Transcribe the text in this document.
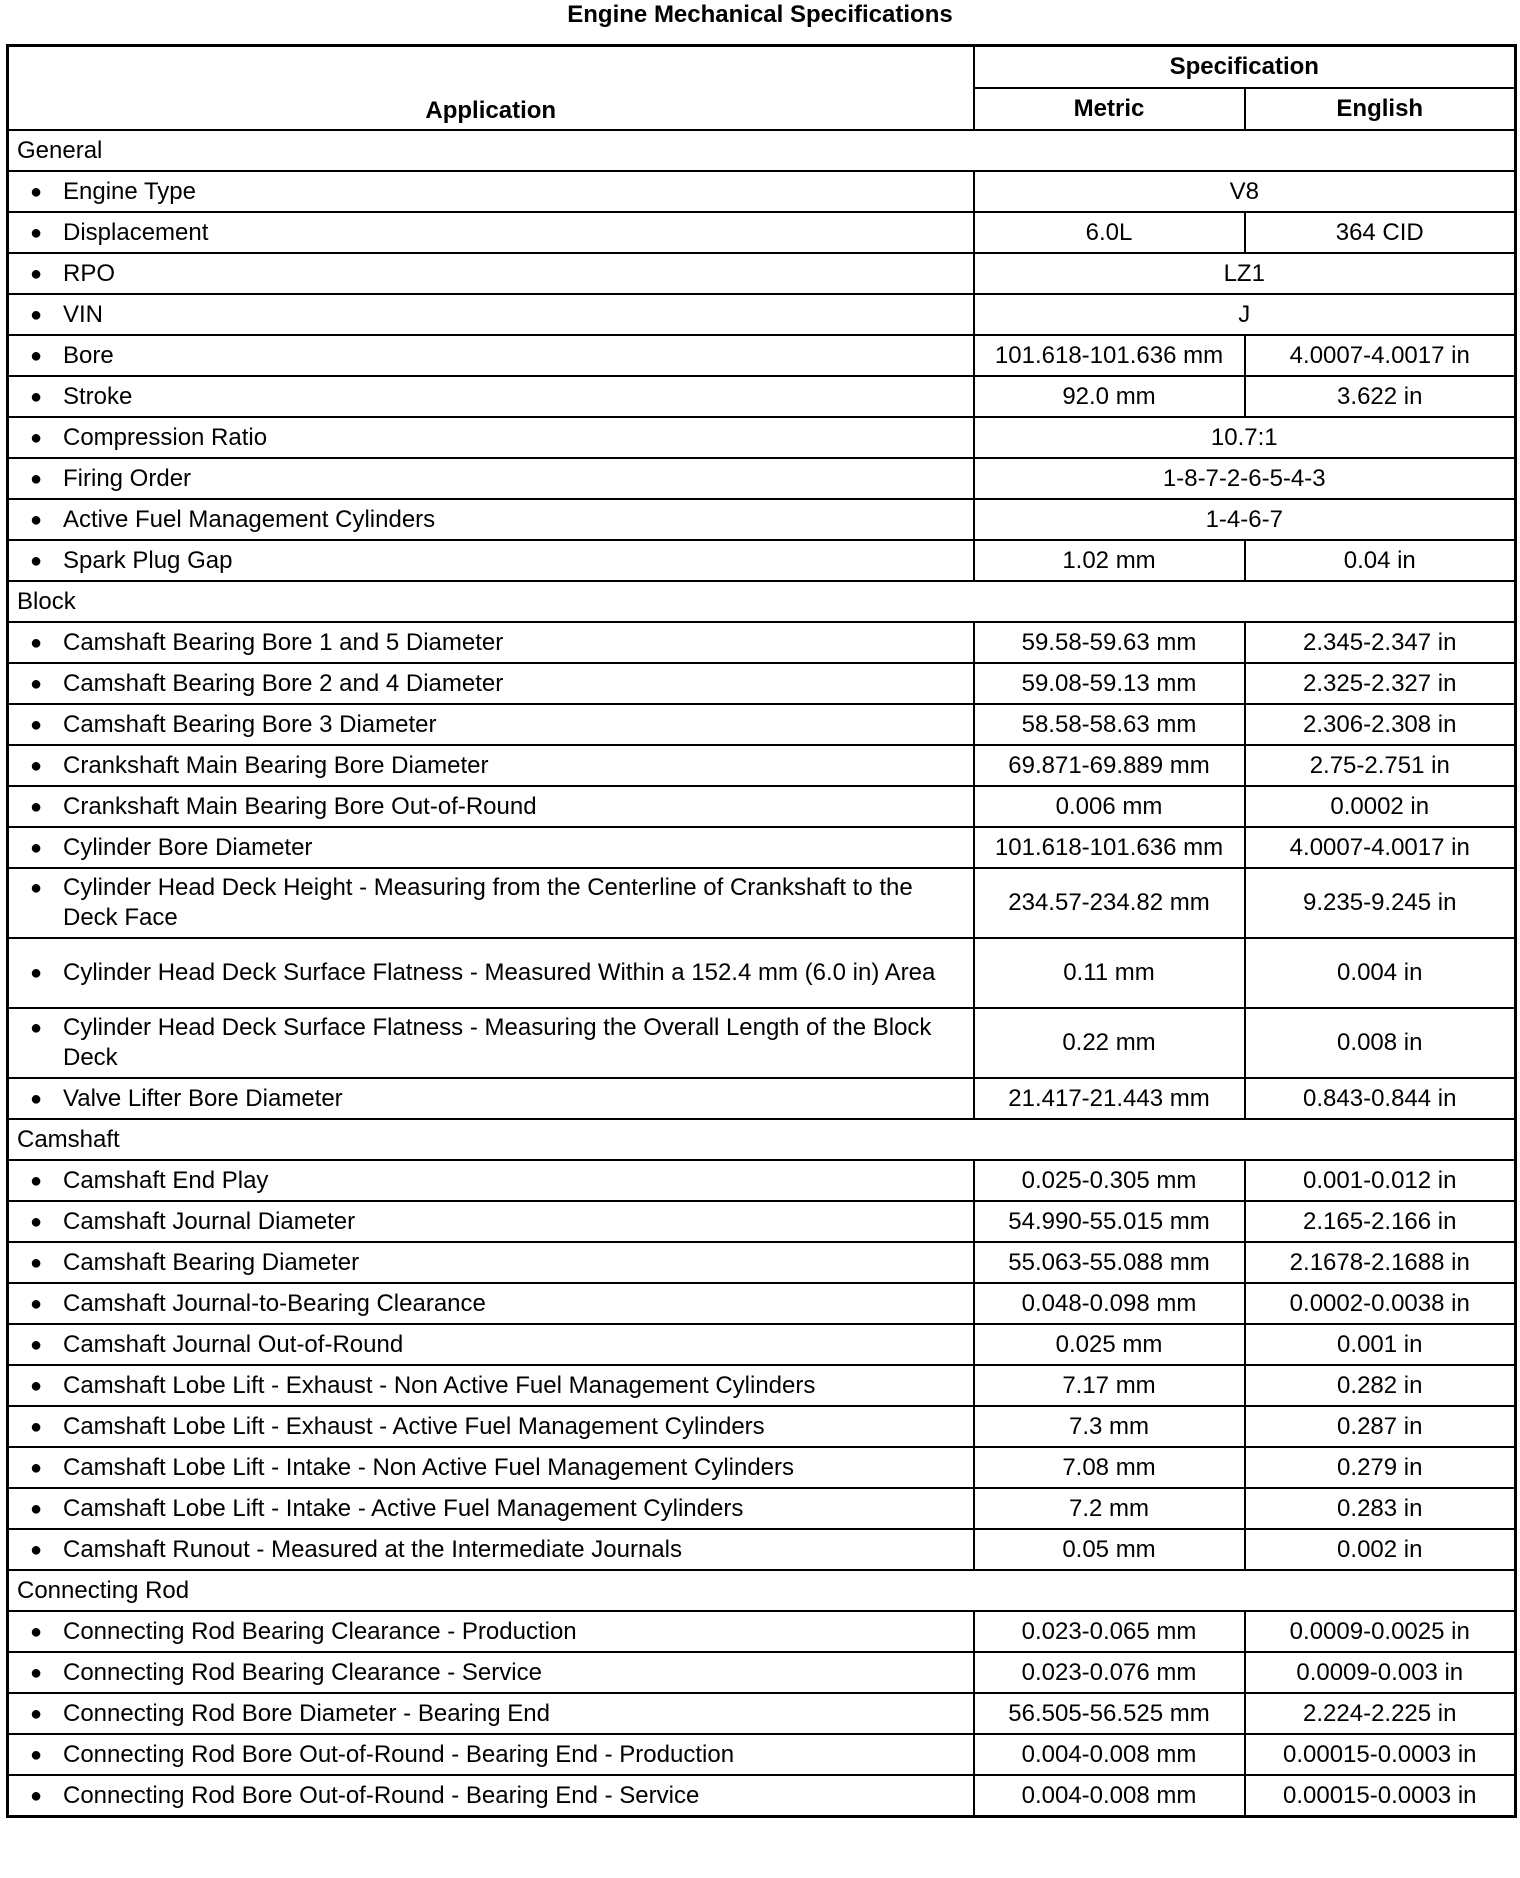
Engine Mechanical Specifications
Application	Specification	
	Metric	English
General		

● Engine Type	V8	

● Displacement	6.0L	364 CID

● RPO	LZ1	

● VIN	J	

● Bore	101.618-101.636 mm	4.0007-4.0017 in

● Stroke	92.0 mm	3.622 in

● Compression Ratio	10.7:1	

● Firing Order	1-8-7-2-6-5-4-3	

● Active Fuel Management Cylinders	1-4-6-7	

● Spark Plug Gap	1.02 mm	0.04 in
Block		

● Camshaft Bearing Bore 1 and 5 Diameter	59.58-59.63 mm	2.345-2.347 in

● Camshaft Bearing Bore 2 and 4 Diameter	59.08-59.13 mm	2.325-2.327 in

● Camshaft Bearing Bore 3 Diameter	58.58-58.63 mm	2.306-2.308 in

● Crankshaft Main Bearing Bore Diameter	69.871-69.889 mm	2.75-2.751 in

● Crankshaft Main Bearing Bore Out-of-Round	0.006 mm	0.0002 in

● Cylinder Bore Diameter	101.618-101.636 mm	4.0007-4.0017 in

● Cylinder Head Deck Height - Measuring from the Centerline of Crankshaft to the Deck Face	234.57-234.82 mm	9.235-9.245 in

● Cylinder Head Deck Surface Flatness - Measured Within a 152.4 mm (6.0 in) Area	0.11 mm	0.004 in

● Cylinder Head Deck Surface Flatness - Measuring the Overall Length of the Block Deck	0.22 mm	0.008 in

● Valve Lifter Bore Diameter	21.417-21.443 mm	0.843-0.844 in
Camshaft		

● Camshaft End Play	0.025-0.305 mm	0.001-0.012 in

● Camshaft Journal Diameter	54.990-55.015 mm	2.165-2.166 in

● Camshaft Bearing Diameter	55.063-55.088 mm	2.1678-2.1688 in

● Camshaft Journal-to-Bearing Clearance	0.048-0.098 mm	0.0002-0.0038 in

● Camshaft Journal Out-of-Round	0.025 mm	0.001 in

● Camshaft Lobe Lift - Exhaust - Non Active Fuel Management Cylinders	7.17 mm	0.282 in

● Camshaft Lobe Lift - Exhaust - Active Fuel Management Cylinders	7.3 mm	0.287 in

● Camshaft Lobe Lift - Intake - Non Active Fuel Management Cylinders	7.08 mm	0.279 in

● Camshaft Lobe Lift - Intake - Active Fuel Management Cylinders	7.2 mm	0.283 in

● Camshaft Runout - Measured at the Intermediate Journals	0.05 mm	0.002 in
Connecting Rod		

● Connecting Rod Bearing Clearance - Production	0.023-0.065 mm	0.0009-0.0025 in

● Connecting Rod Bearing Clearance - Service	0.023-0.076 mm	0.0009-0.003 in

● Connecting Rod Bore Diameter - Bearing End	56.505-56.525 mm	2.224-2.225 in

● Connecting Rod Bore Out-of-Round - Bearing End - Production	0.004-0.008 mm	0.00015-0.0003 in

● Connecting Rod Bore Out-of-Round - Bearing End - Service	0.004-0.008 mm	0.00015-0.0003 in
